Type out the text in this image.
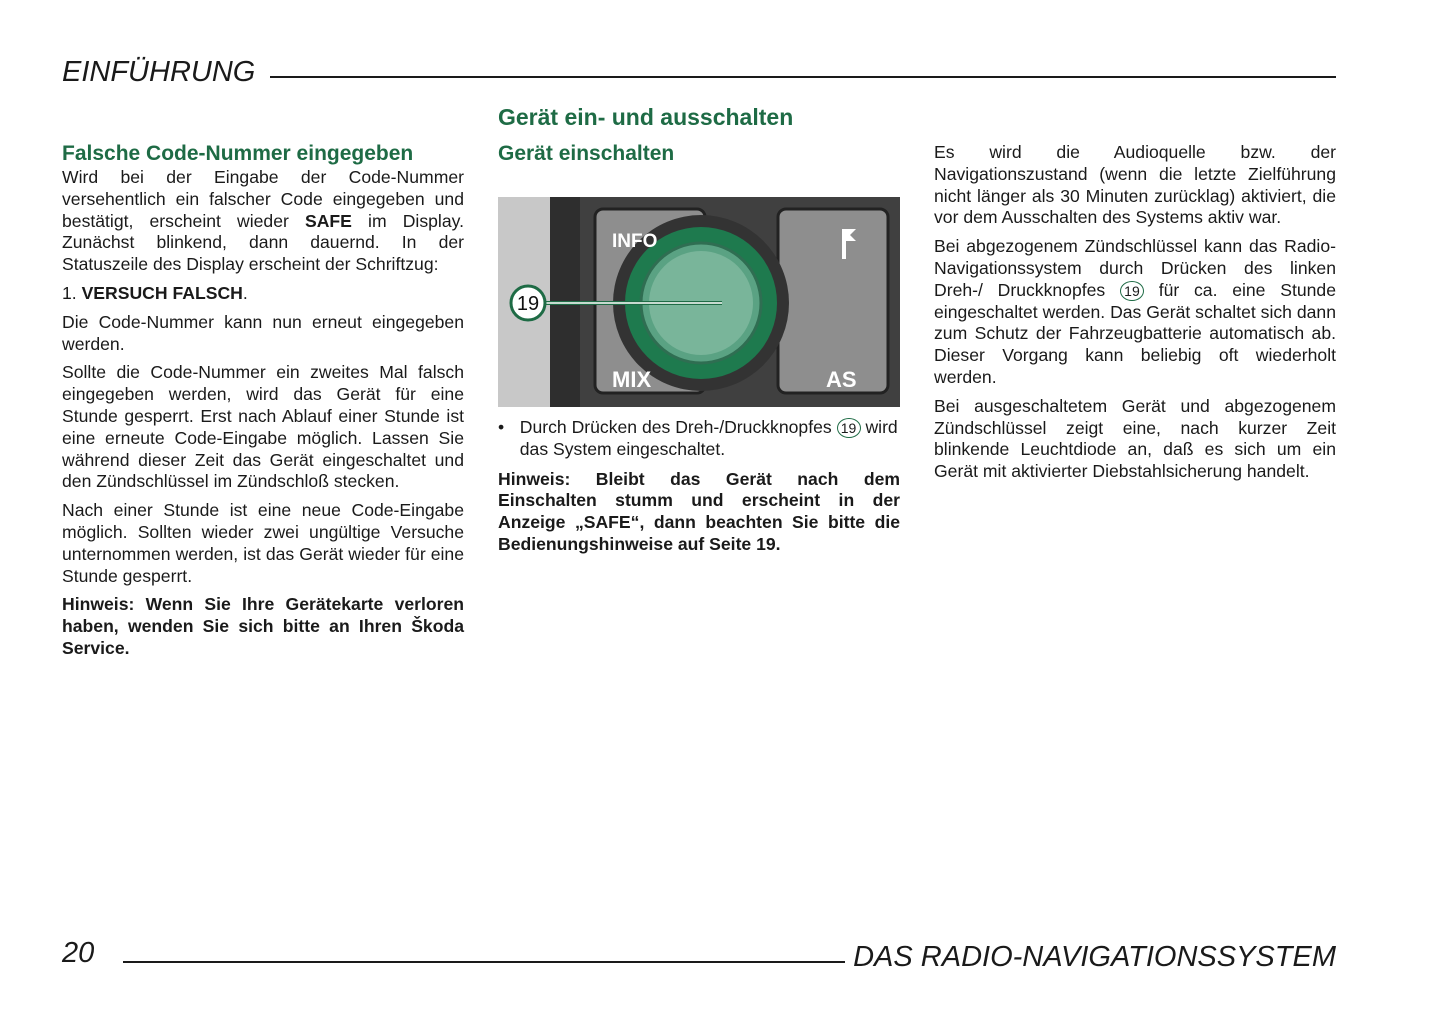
EINFÜHRUNG
Falsche Code-Nummer eingegeben

Wird bei der Eingabe der Code-Nummer versehentlich ein falscher Code eingegeben und bestätigt, erscheint wieder SAFE im Display. Zunächst blinkend, dann dauernd. In der Statuszeile des Display erscheint der Schriftzug:

1. VERSUCH FALSCH.

Die Code-Nummer kann nun erneut eingegeben werden.

Sollte die Code-Nummer ein zweites Mal falsch eingegeben werden, wird das Gerät für eine Stunde gesperrt. Erst nach Ablauf einer Stunde ist eine erneute Code-Eingabe möglich. Lassen Sie während dieser Zeit das Gerät eingeschaltet und den Zündschlüssel im Zündschloß stecken.

Nach einer Stunde ist eine neue Code-Eingabe möglich. Sollten wieder zwei ungültige Versuche unternommen werden, ist das Gerät wieder für eine Stunde gesperrt.

Hinweis: Wenn Sie Ihre Gerätekarte verloren haben, wenden Sie sich bitte an Ihren Škoda Service.

Gerät ein- und ausschalten
Gerät einschalten
INFO
MIX	AS
19
• Durch Drücken des Dreh-/Druckknopfes 19 wird das System eingeschaltet.

Hinweis: Bleibt das Gerät nach dem Einschalten stumm und erscheint in der Anzeige „SAFE“, dann beachten Sie bitte die Bedienungshinweise auf Seite 19.

Es wird die Audioquelle bzw. der Navigationszustand (wenn die letzte Zielführung nicht länger als 30 Minuten zurücklag) aktiviert, die vor dem Ausschalten des Systems aktiv war.

Bei abgezogenem Zündschlüssel kann das Radio-Navigationssystem durch Drücken des linken Dreh-/ Druckknopfes 19 für ca. eine Stunde eingeschaltet werden. Das Gerät schaltet sich dann zum Schutz der Fahrzeugbatterie automatisch ab. Dieser Vorgang kann beliebig oft wiederholt werden.

Bei ausgeschaltetem Gerät und abgezogenem Zündschlüssel zeigt eine, nach kurzer Zeit blinkende Leuchtdiode an, daß es sich um ein Gerät mit aktivierter Diebstahlsicherung handelt.

20	DAS RADIO-NAVIGATIONSSYSTEM
